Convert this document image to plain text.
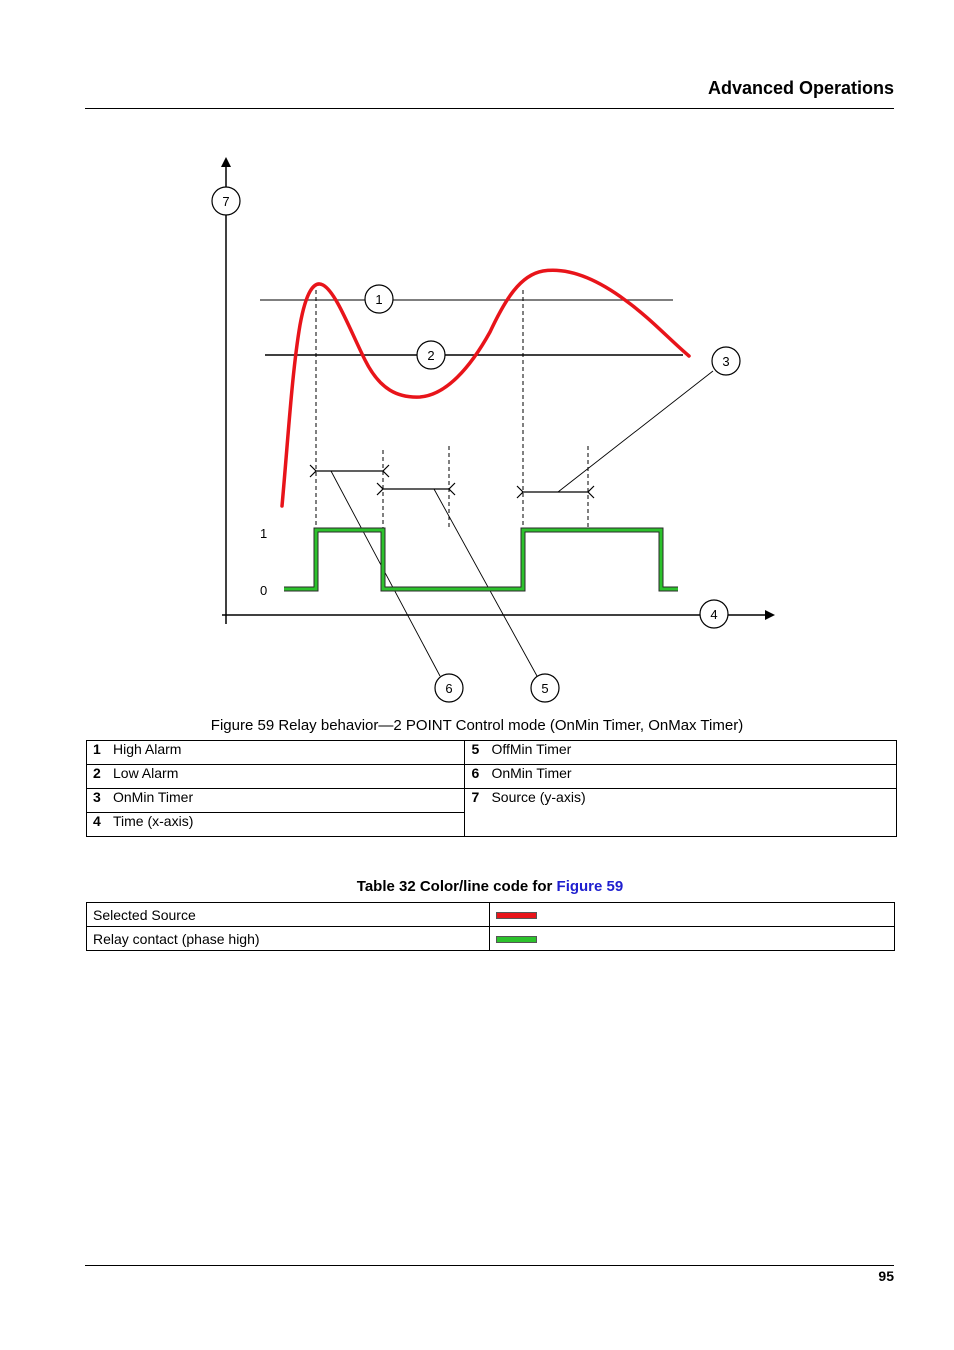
Advanced Operations
1
0
7
1
2	3
4
6	5
Figure 59 Relay behavior—2 POINT Control mode (OnMin Timer, OnMax Timer)
1	High Alarm	5	OffMin Timer
2	Low Alarm	6	OnMin Timer
3	OnMin Timer	7	Source (y-axis)
4	Time (x-axis)		
Table 32 Color/line code for Figure 59
Selected Source	
Relay contact (phase high)	
95
